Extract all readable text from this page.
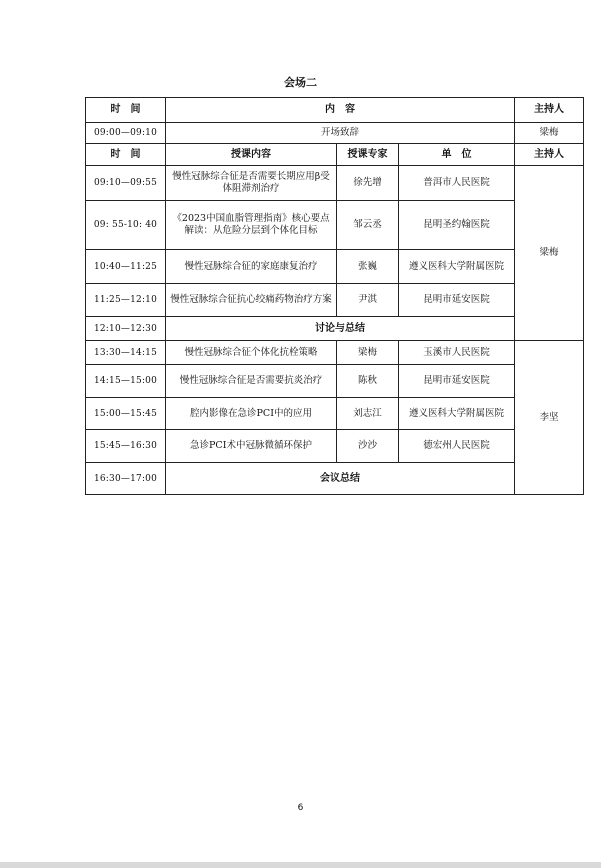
会场二
时　间	内　容			主持人
09:00—09:10	开场致辞			梁梅
时　间	授课内容	授课专家	单　位	主持人
09:10—09:55	慢性冠脉综合征是否需要长期应用β受体阻滞剂治疗	徐先增	普洱市人民医院	梁梅
09: 55-10: 40	《2023中国血脂管理指南》核心要点解读：从危险分层到个体化目标	邹云丞	昆明圣约翰医院	
10:40—11:25	慢性冠脉综合征的家庭康复治疗	张巍	遵义医科大学附属医院	
11:25—12:10	慢性冠脉综合征抗心绞痛药物治疗方案	尹淇	昆明市延安医院	
12:10—12:30	讨论与总结			
13:30—14:15	慢性冠脉综合征个体化抗栓策略	梁梅	玉溪市人民医院	李坚
14:15—15:00	慢性冠脉综合征是否需要抗炎治疗	陈秋	昆明市延安医院	
15:00—15:45	腔内影像在急诊PCI中的应用	刘志江	遵义医科大学附属医院	
15:45—16:30	急诊PCI术中冠脉微循环保护	沙沙	德宏州人民医院	
16:30—17:00	会议总结			
6
